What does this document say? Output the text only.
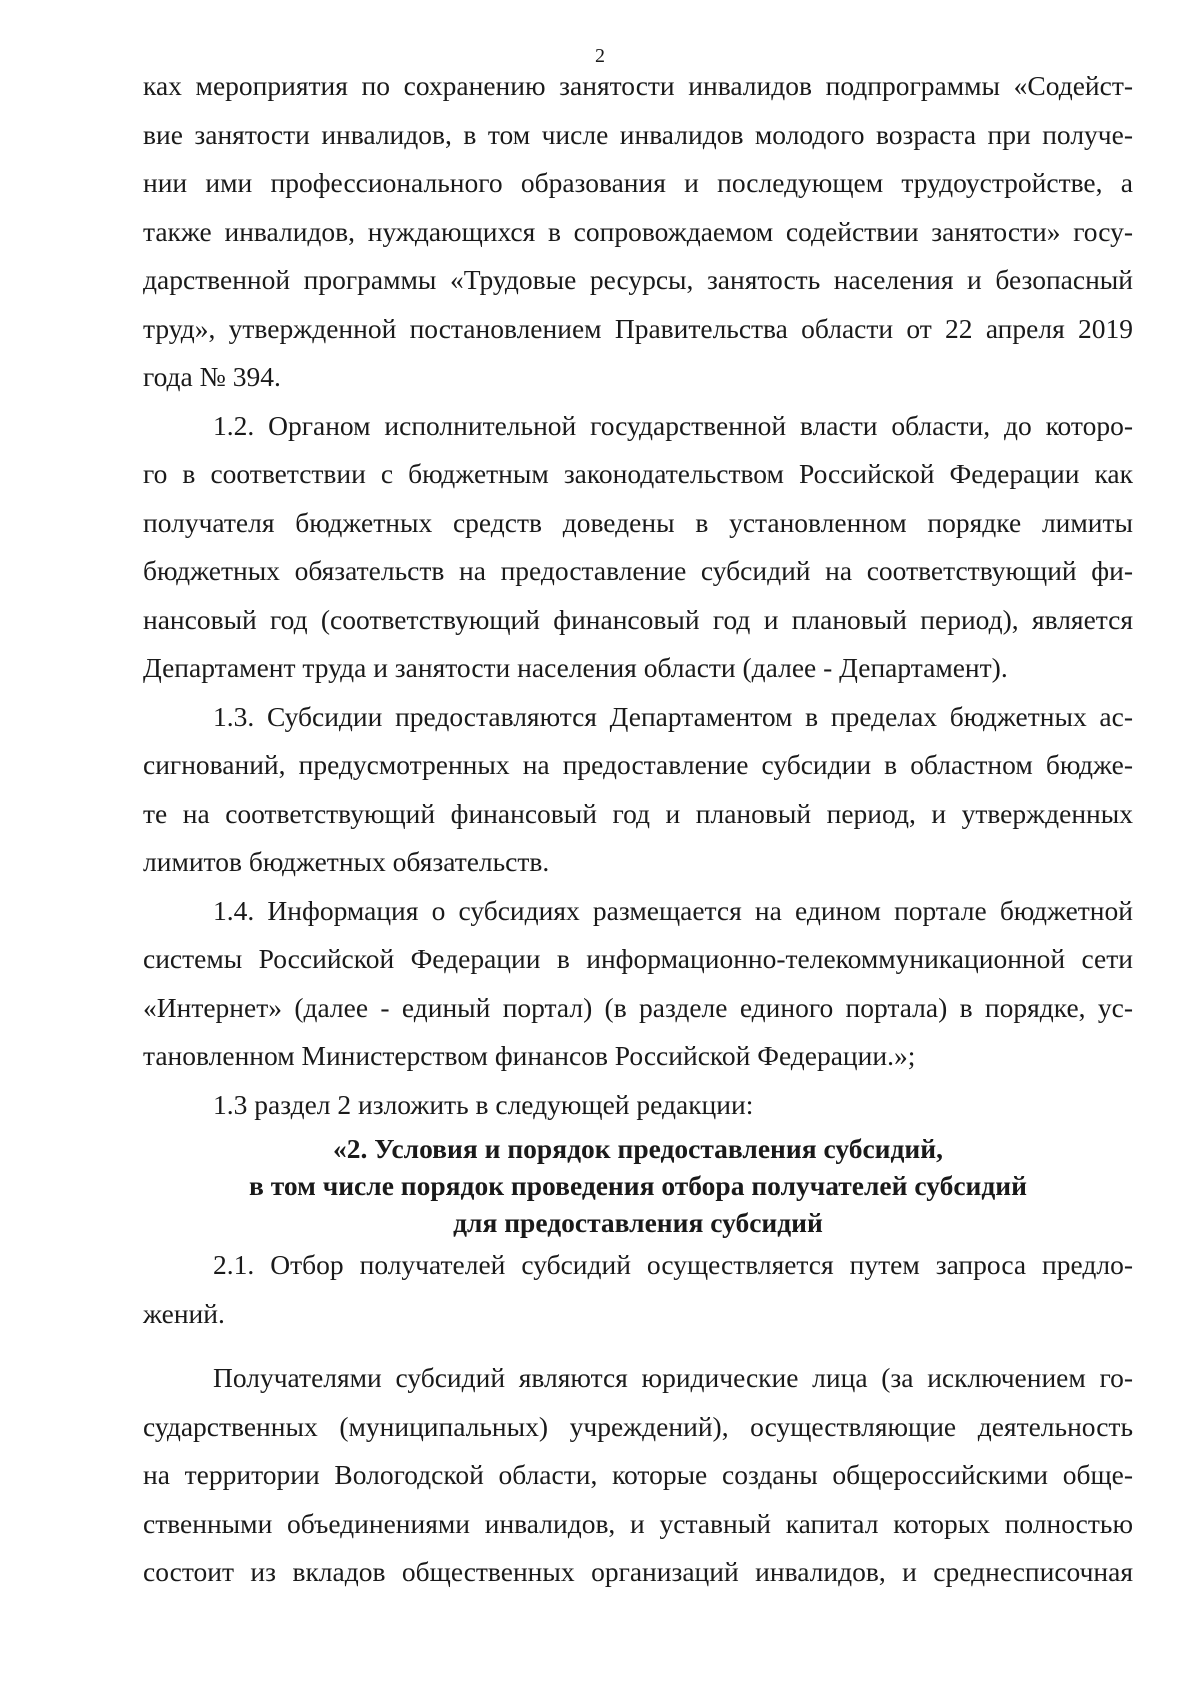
2

ках мероприятия по сохранению занятости инвалидов подпрограммы «Содейст-

вие занятости инвалидов, в том числе инвалидов молодого возраста при получе-

нии ими профессионального образования и последующем трудоустройстве, а

также инвалидов, нуждающихся в сопровождаемом содействии занятости» госу-

дарственной программы «Трудовые ресурсы, занятость населения и безопасный

труд», утвержденной постановлением Правительства области от 22 апреля 2019

года № 394.

1.2. Органом исполнительной государственной власти области, до которо-

го в соответствии с бюджетным законодательством Российской Федерации как

получателя бюджетных средств доведены в установленном порядке лимиты

бюджетных обязательств на предоставление субсидий на соответствующий фи-

нансовый год (соответствующий финансовый год и плановый период), является

Департамент труда и занятости населения области (далее - Департамент).

1.3. Субсидии предоставляются Департаментом в пределах бюджетных ас-

сигнований, предусмотренных на предоставление субсидии в областном бюдже-

те на соответствующий финансовый год и плановый период, и утвержденных

лимитов бюджетных обязательств.

1.4. Информация о субсидиях размещается на едином портале бюджетной

системы Российской Федерации в информационно-телекоммуникационной сети

«Интернет» (далее - единый портал) (в разделе единого портала) в порядке, ус-

тановленном Министерством финансов Российской Федерации.»;

1.3 раздел 2 изложить в следующей редакции:

«2. Условия и порядок предоставления субсидий,
в том числе порядок проведения отбора получателей субсидий
для предоставления субсидий

2.1. Отбор получателей субсидий осуществляется путем запроса предло-

жений.

Получателями субсидий являются юридические лица (за исключением го-

сударственных (муниципальных) учреждений), осуществляющие деятельность

на территории Вологодской области, которые созданы общероссийскими обще-

ственными объединениями инвалидов, и уставный капитал которых полностью

состоит из вкладов общественных организаций инвалидов, и среднесписочная
